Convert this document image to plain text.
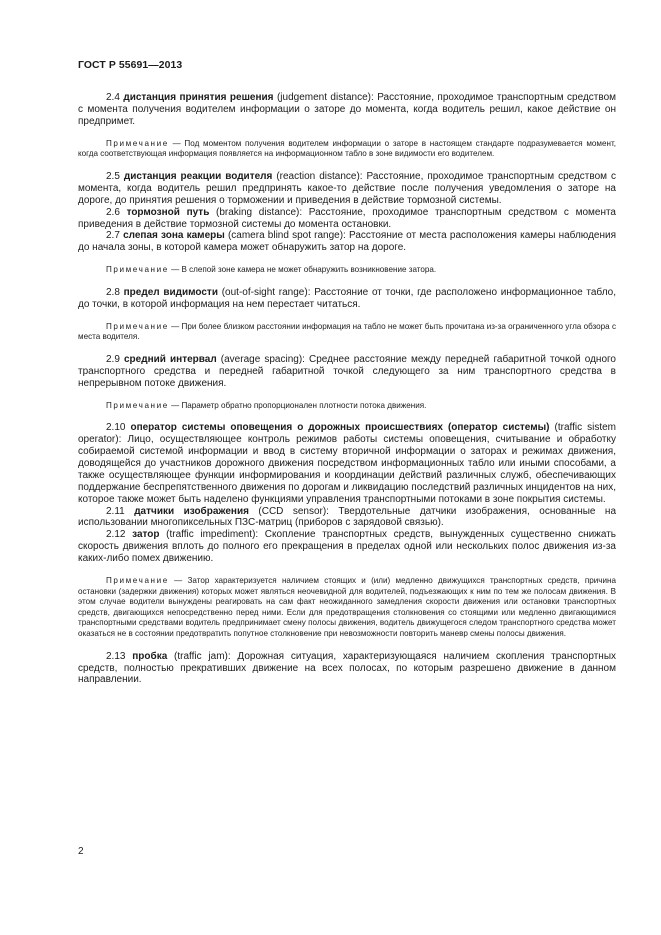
ГОСТ Р 55691—2013

2.4 дистанция принятия решения (judgement distance): Расстояние, проходимое транспортным средством с момента получения водителем информации о заторе до момента, когда водитель решил, какое действие он предпримет.

Примечание — Под моментом получения водителем информации о заторе в настоящем стандарте подразумевается момент, когда соответствующая информация появляется на информационном табло в зоне видимости его водителем.

2.5 дистанция реакции водителя (reaction distance): Расстояние, проходимое транспортным средством с момента, когда водитель решил предпринять какое-то действие после получения уведомления о заторе на дороге, до принятия решения о торможении и приведения в действие тормозной системы.

2.6 тормозной путь (braking distance): Расстояние, проходимое транспортным средством с момента приведения в действие тормозной системы до момента остановки.

2.7 слепая зона камеры (camera blind spot range): Расстояние от места расположения камеры наблюдения до начала зоны, в которой камера может обнаружить затор на дороге.

Примечание — В слепой зоне камера не может обнаружить возникновение затора.

2.8 предел видимости (out-of-sight range): Расстояние от точки, где расположено информационное табло, до точки, в которой информация на нем перестает читаться.

Примечание — При более близком расстоянии информация на табло не может быть прочитана из-за ограниченного угла обзора с места водителя.

2.9 средний интервал (average spacing): Среднее расстояние между передней габаритной точкой одного транспортного средства и передней габаритной точкой следующего за ним транспортного средства в непрерывном потоке движения.

Примечание — Параметр обратно пропорционален плотности потока движения.

2.10 оператор системы оповещения о дорожных происшествиях (оператор системы) (traffic sistem operator): Лицо, осуществляющее контроль режимов работы системы оповещения, считывание и обработку собираемой системой информации и ввод в систему вторичной информации о заторах и режимах движения, доводящейся до участников дорожного движения посредством информационных табло или иными способами, а также осуществляющее функции информирования и координации действий различных служб, обеспечивающих поддержание беспрепятственного движения по дорогам и ликвидацию последствий различных инцидентов на них, которое также может быть наделено функциями управления транспортными потоками в зоне покрытия системы.

2.11 датчики изображения (CCD sensor): Твердотельные датчики изображения, основанные на использовании многопиксельных ПЗС-матриц (приборов с зарядовой связью).

2.12 затор (traffic impediment): Скопление транспортных средств, вынужденных существенно снижать скорость движения вплоть до полного его прекращения в пределах одной или нескольких полос движения из-за каких-либо помех движению.

Примечание — Затор характеризуется наличием стоящих и (или) медленно движущихся транспортных средств, причина остановки (задержки движения) которых может являться неочевидной для водителей, подъезжающих к ним по тем же полосам движения. В этом случае водители вынуждены реагировать на сам факт неожиданного замедления скорости движения или остановки транспортных средств, двигающихся непосредственно перед ними. Если для предотвращения столкновения со стоящими или медленно двигающимися транспортными средствами водитель предпринимает смену полосы движения, водитель движущегося следом транспортного средства может оказаться не в состоянии предотвратить попутное столкновение при невозможности повторить маневр смены полосы движения.

2.13 пробка (traffic jam): Дорожная ситуация, характеризующаяся наличием скопления транспортных средств, полностью прекративших движение на всех полосах, по которым разрешено движение в данном направлении.

2
